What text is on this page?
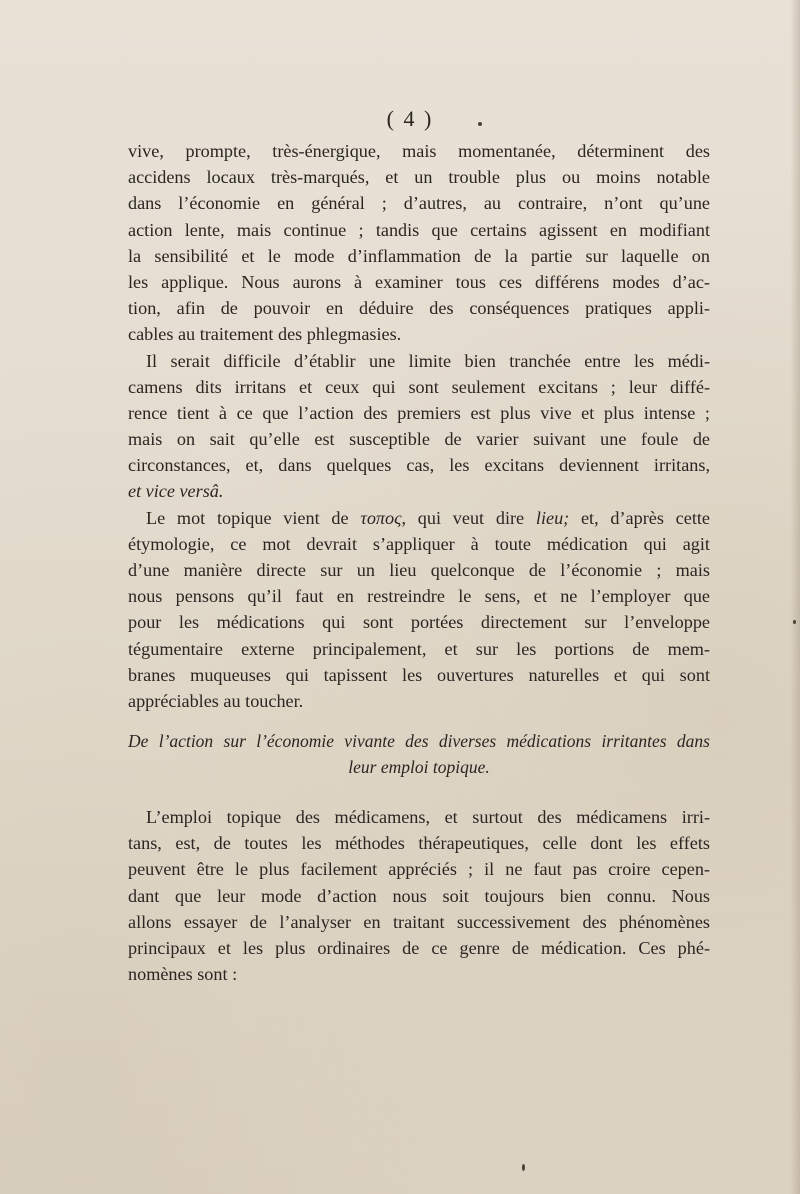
( 4 )
vive, prompte, très-énergique, mais momentanée, déterminent des
accidens locaux très-marqués, et un trouble plus ou moins notable
dans l’économie en général ; d’autres, au contraire, n’ont qu’une
action lente, mais continue ; tandis que certains agissent en modifiant
la sensibilité et le mode d’inflammation de la partie sur laquelle on
les applique. Nous aurons à examiner tous ces différens modes d’ac-
tion, afin de pouvoir en déduire des conséquences pratiques appli-
cables au traitement des phlegmasies.
Il serait difficile d’établir une limite bien tranchée entre les médi-
camens dits irritans et ceux qui sont seulement excitans ; leur diffé-
rence tient à ce que l’action des premiers est plus vive et plus intense ;
mais on sait qu’elle est susceptible de varier suivant une foule de
circonstances, et, dans quelques cas, les excitans deviennent irritans,
et vice versâ.
Le mot topique vient de τοπος, qui veut dire lieu; et, d’après cette
étymologie, ce mot devrait s’appliquer à toute médication qui agit
d’une manière directe sur un lieu quelconque de l’économie ; mais
nous pensons qu’il faut en restreindre le sens, et ne l’employer que
pour les médications qui sont portées directement sur l’enveloppe
tégumentaire externe principalement, et sur les portions de mem-
branes muqueuses qui tapissent les ouvertures naturelles et qui sont
appréciables au toucher.
De l’action sur l’économie vivante des diverses médications irritantes dans
leur emploi topique.
L’emploi topique des médicamens, et surtout des médicamens irri-
tans, est, de toutes les méthodes thérapeutiques, celle dont les effets
peuvent être le plus facilement appréciés ; il ne faut pas croire cepen-
dant que leur mode d’action nous soit toujours bien connu. Nous
allons essayer de l’analyser en traitant successivement des phénomènes
principaux et les plus ordinaires de ce genre de médication. Ces phé-
nomènes sont :
